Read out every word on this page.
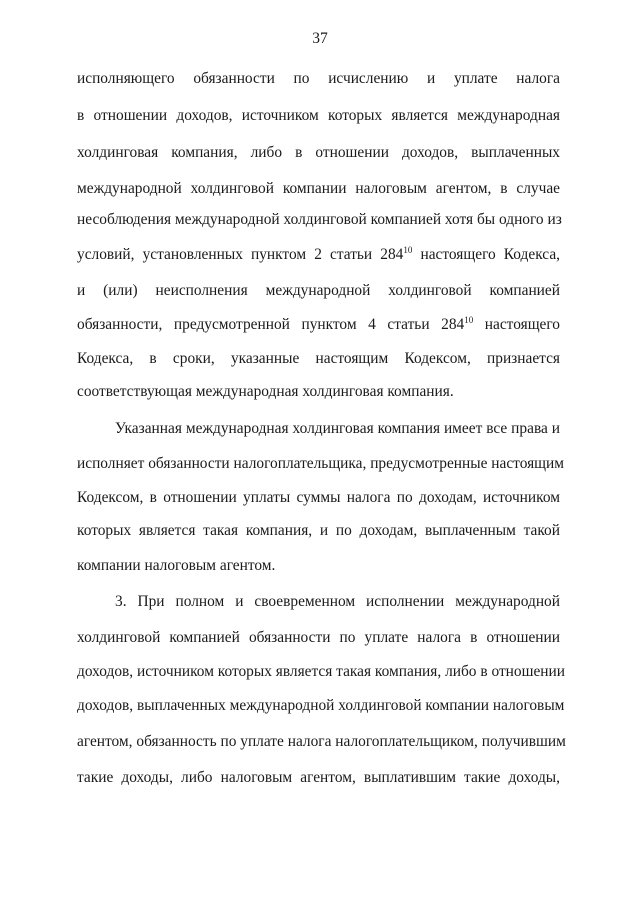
37
исполняющего обязанности по исчислению и уплате налога
в отношении доходов, источником которых является международная
холдинговая компания, либо в отношении доходов, выплаченных
международной холдинговой компании налоговым агентом, в случае
несоблюдения международной холдинговой компанией хотя бы одного из
условий, установленных пунктом 2 статьи $284^{10}$ настоящего Кодекса,
и (или) неисполнения международной холдинговой компанией
обязанности, предусмотренной пунктом 4 статьи $284^{10}$ настоящего
Кодекса, в сроки, указанные настоящим Кодексом, признается
соответствующая международная холдинговая компания.
Указанная международная холдинговая компания имеет все права и
исполняет обязанности налогоплательщика, предусмотренные настоящим
Кодексом, в отношении уплаты суммы налога по доходам, источником
которых является такая компания, и по доходам, выплаченным такой
компании налоговым агентом.
3. При полном и своевременном исполнении международной
холдинговой компанией обязанности по уплате налога в отношении
доходов, источником которых является такая компания, либо в отношении
доходов, выплаченных международной холдинговой компании налоговым
агентом, обязанность по уплате налога налогоплательщиком, получившим
такие доходы, либо налоговым агентом, выплатившим такие доходы,
